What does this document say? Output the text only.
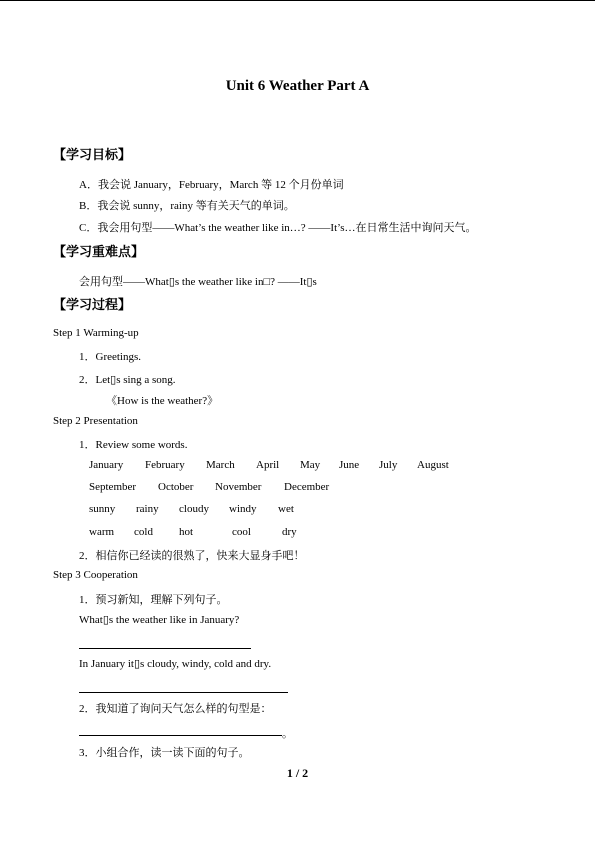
Unit 6 Weather Part A
【学习目标】
A．我会说 January，February，March 等 12 个月份单词
B．我会说 sunny，rainy 等有关天气的单词。
C．我会用句型——What’s the weather like in…? ——It’s…在日常生活中询问天气。
【学习重难点】
会用句型——What▯s the weather like in□? ——It▯s
【学习过程】
Step 1 Warming-up
1．Greetings.
2．Let▯s sing a song.
《How is the weather?》
Step 2 Presentation
1．Review some words.
January February March April May June July August
September October November December
sunny rainy cloudy windy wet
warm cold hot	cool	dry
2．相信你已经读的很熟了，快来大显身手吧！
Step 3 Cooperation
1．预习新知，理解下列句子。
What▯s the weather like in January?
In January it▯s cloudy, windy, cold and dry.
2．我知道了询问天气怎么样的句型是：
。
3．小组合作，读一读下面的句子。
1 / 2
